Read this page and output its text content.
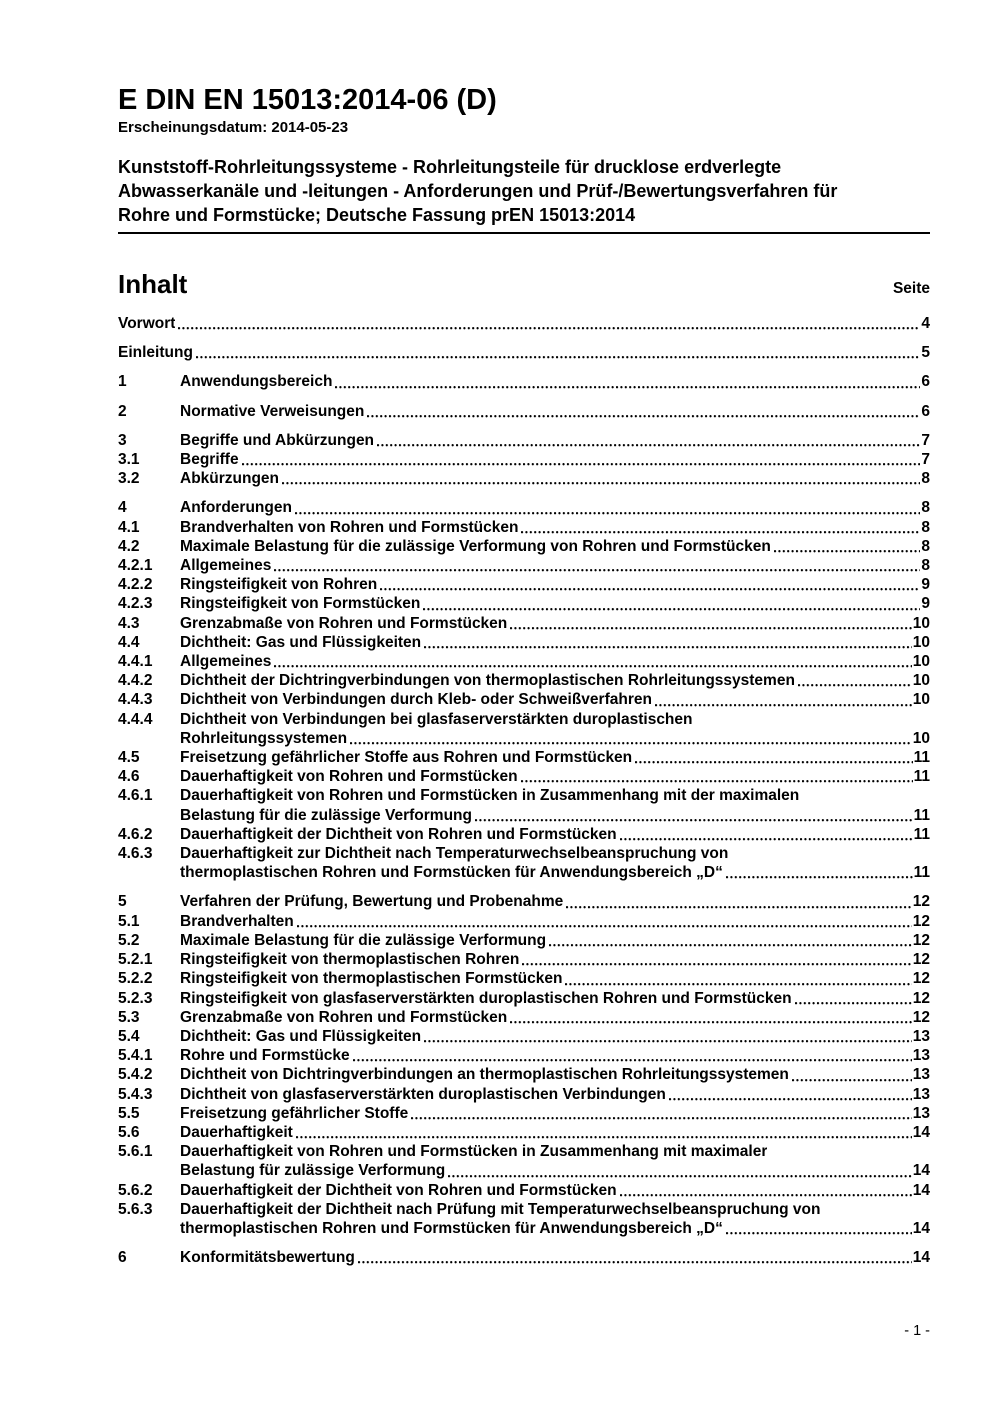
E DIN EN 15013:2014-06 (D)
Erscheinungsdatum: 2014-05-23
Kunststoff-Rohrleitungssysteme - Rohrleitungsteile für drucklose erdverlegte
Abwasserkanäle und -leitungen - Anforderungen und Prüf-/Bewertungsverfahren für
Rohre und Formstücke; Deutsche Fassung prEN 15013:2014
Inhalt	Seite
Vorwort	4
Einleitung	5
1	Anwendungsbereich	6
2	Normative Verweisungen	6
3	Begriffe und Abkürzungen	7
3.1	Begriffe	7
3.2	Abkürzungen	8
4	Anforderungen	8
4.1	Brandverhalten von Rohren und Formstücken	8
4.2	Maximale Belastung für die zulässige Verformung von Rohren und Formstücken	8
4.2.1	Allgemeines	8
4.2.2	Ringsteifigkeit von Rohren	9
4.2.3	Ringsteifigkeit von Formstücken	9
4.3	Grenzabmaße von Rohren und Formstücken	10
4.4	Dichtheit: Gas und Flüssigkeiten	10
4.4.1	Allgemeines	10
4.4.2	Dichtheit der Dichtringverbindungen von thermoplastischen Rohrleitungssystemen	10
4.4.3	Dichtheit von Verbindungen durch Kleb- oder Schweißverfahren	10
4.4.4	Dichtheit von Verbindungen bei glasfaserverstärkten duroplastischen
Rohrleitungssystemen	10
4.5	Freisetzung gefährlicher Stoffe aus Rohren und Formstücken	11
4.6	Dauerhaftigkeit von Rohren und Formstücken	11
4.6.1	Dauerhaftigkeit von Rohren und Formstücken in Zusammenhang mit der maximalen
Belastung für die zulässige Verformung	11
4.6.2	Dauerhaftigkeit der Dichtheit von Rohren und Formstücken	11
4.6.3	Dauerhaftigkeit zur Dichtheit nach Temperaturwechselbeanspruchung von
thermoplastischen Rohren und Formstücken für Anwendungsbereich „D“	11
5	Verfahren der Prüfung, Bewertung und Probenahme	12
5.1	Brandverhalten	12
5.2	Maximale Belastung für die zulässige Verformung	12
5.2.1	Ringsteifigkeit von thermoplastischen Rohren	12
5.2.2	Ringsteifigkeit von thermoplastischen Formstücken	12
5.2.3	Ringsteifigkeit von glasfaserverstärkten duroplastischen Rohren und Formstücken	12
5.3	Grenzabmaße von Rohren und Formstücken	12
5.4	Dichtheit: Gas und Flüssigkeiten	13
5.4.1	Rohre und Formstücke	13
5.4.2	Dichtheit von Dichtringverbindungen an thermoplastischen Rohrleitungssystemen	13
5.4.3	Dichtheit von glasfaserverstärkten duroplastischen Verbindungen	13
5.5	Freisetzung gefährlicher Stoffe	13
5.6	Dauerhaftigkeit	14
5.6.1	Dauerhaftigkeit von Rohren und Formstücken in Zusammenhang mit maximaler
Belastung für zulässige Verformung	14
5.6.2	Dauerhaftigkeit der Dichtheit von Rohren und Formstücken	14
5.6.3	Dauerhaftigkeit der Dichtheit nach Prüfung mit Temperaturwechselbeanspruchung von
thermoplastischen Rohren und Formstücken für Anwendungsbereich „D“	14
6	Konformitätsbewertung	14
- 1 -
